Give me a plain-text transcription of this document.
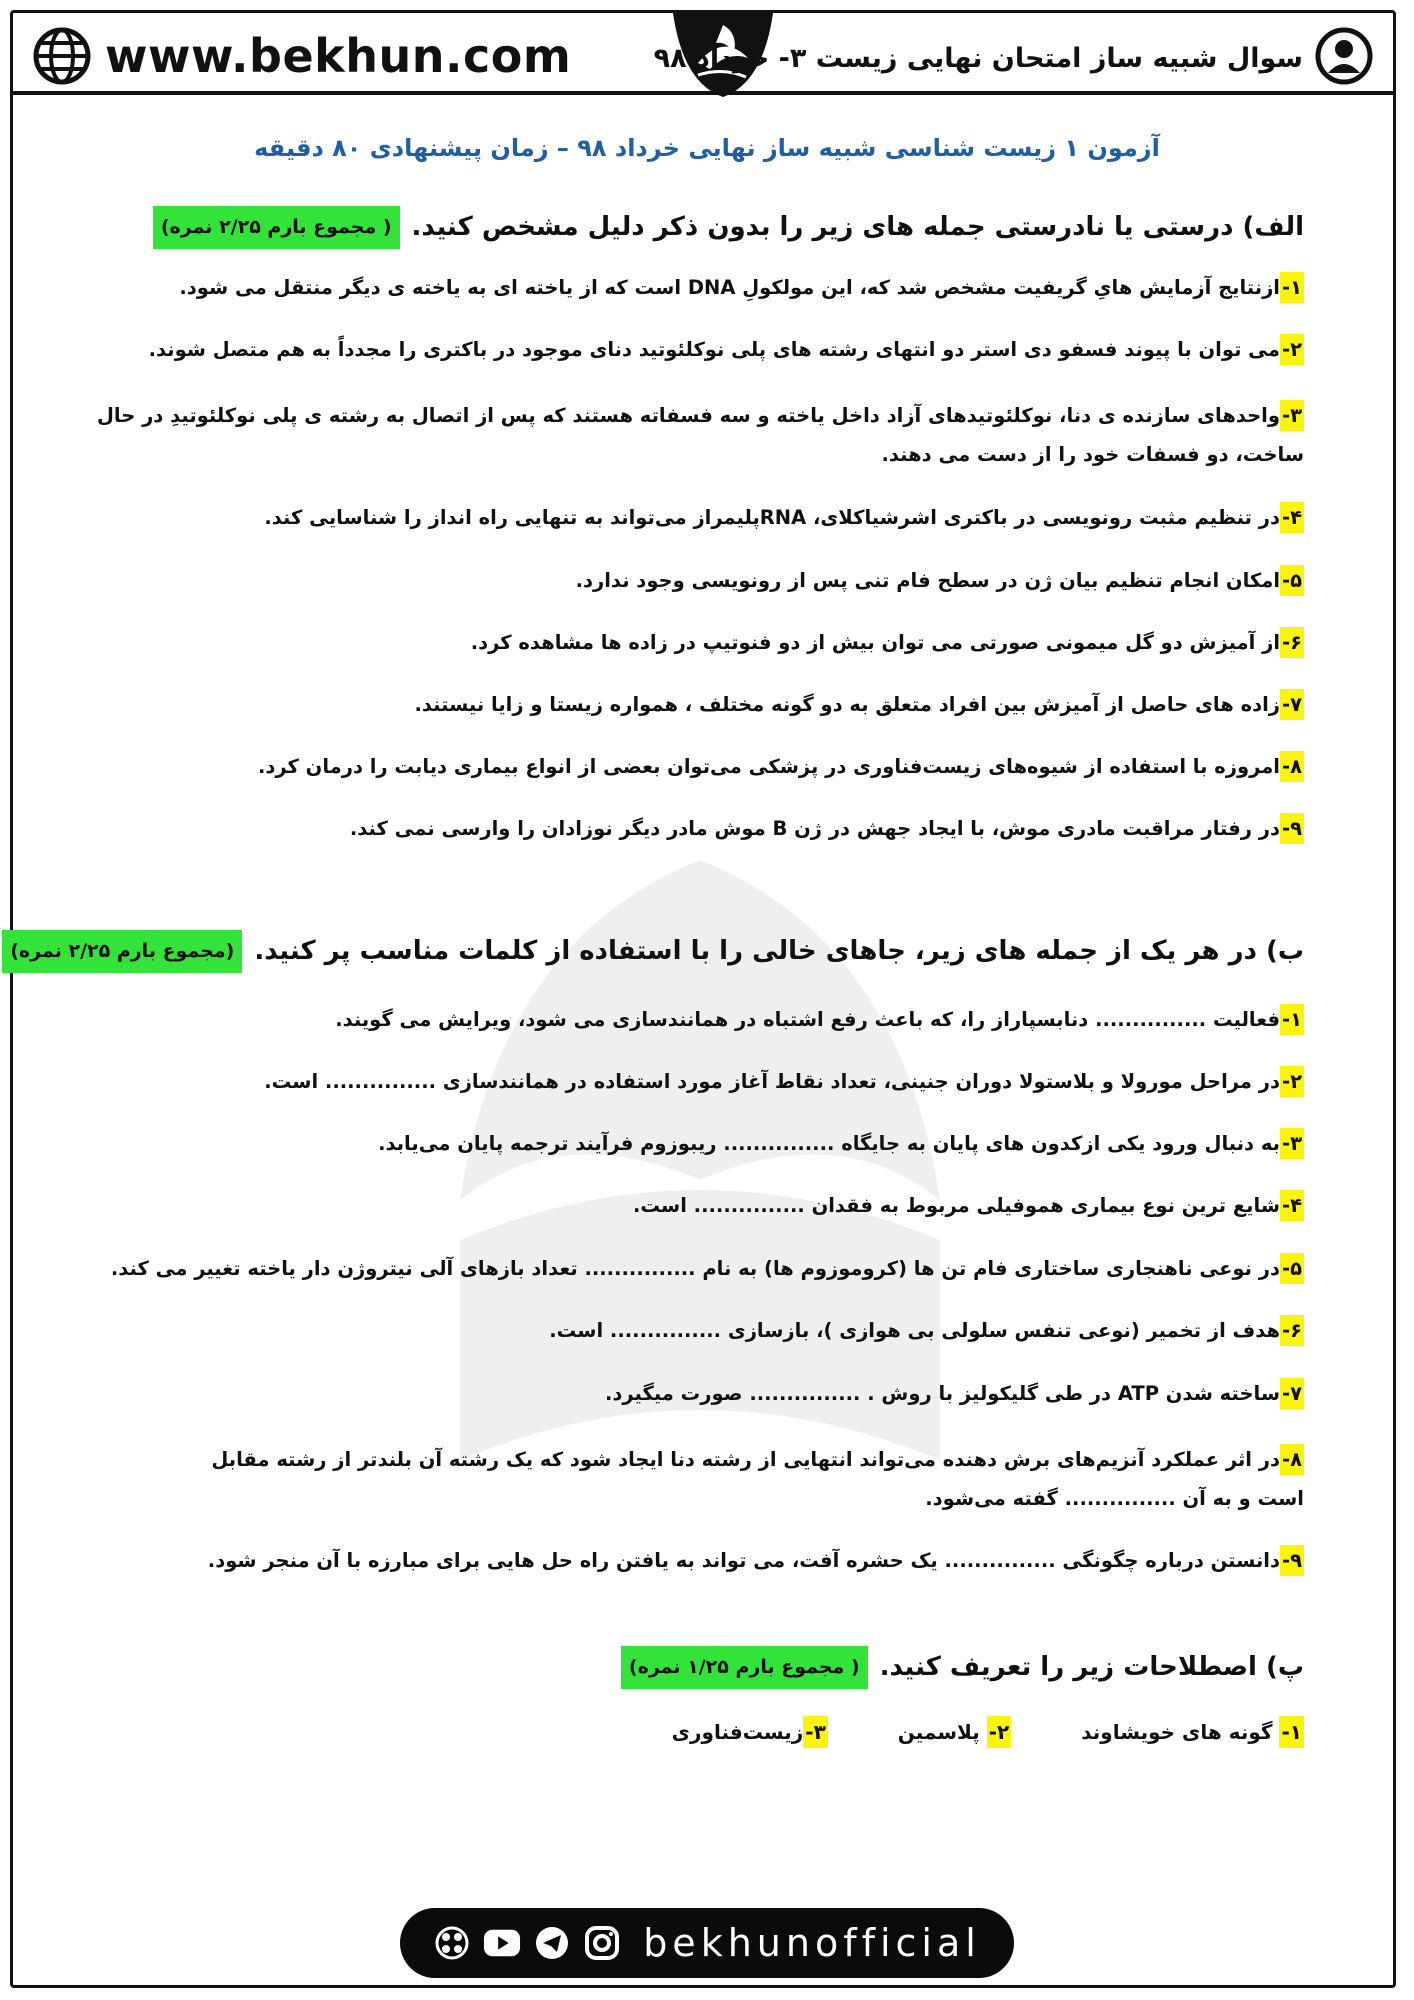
www.bekhun.com	سوال شبیه ساز امتحان نهایی زیست ۳- خرداد ۹۸
آزمون ۱ زیست شناسی شبیه ساز نهایی خرداد ۹۸ – زمان پیشنهادی ۸۰ دقیقه
الف) درستی یا نادرستی جمله های زیر را بدون ذکر دلیل مشخص کنید.
( مجموع بارم ۲/۲۵ نمره)
۱-ازنتایج آزمایش هایِ گریفیت مشخص شد که، این مولکولِ DNA است که از یاخته ای به یاخته ی دیگر منتقل می شود.
۲-می توان با پیوند فسفو دی استر دو انتهای رشته های پلی نوکلئوتید دنای موجود در باکتری را مجدداً به هم متصل شوند.
۳-واحدهای سازنده ی دنا، نوکلئوتیدهای آزاد داخل یاخته و سه فسفاته هستند که پس از اتصال به رشته ی پلی نوکلئوتیدِ در حال ساخت، دو فسفات خود را از دست می دهند.
۴-در تنظیم مثبت رونویسی در باکتری اشرشیاکلای، RNAپلیمراز می‌تواند به تنهایی راه انداز را شناسایی کند.
۵-امکان انجام تنظیم بیان ژن در سطح فام تنی پس از رونویسی وجود ندارد.
۶-از آمیزش دو گل میمونی صورتی می توان بیش از دو فنوتیپ در زاده ها مشاهده کرد.
۷-زاده های حاصل از آمیزش بین افراد متعلق به دو گونه مختلف ، همواره زیستا و زایا نیستند.
۸-امروزه با استفاده از شیوه‌های زیست‌فناوری در پزشکی می‌توان بعضی از انواع بیماری دیابت را درمان کرد.
۹-در رفتار مراقبت مادری موش، با ایجاد جهش در ژن B موش مادر دیگر نوزادان را وارسی نمی کند.
ب) در هر یک از جمله های زیر، جاهای خالی را با استفاده از کلمات مناسب پر کنید.
(مجموع بارم ۲/۲۵ نمره)
۱-فعالیت ............... دنابسپاراز را، که باعث رفع اشتباه در همانندسازی می شود، ویرایش می گویند.
۲-در مراحل مورولا و بلاستولا دوران جنینی، تعداد نقاط آغاز مورد استفاده در همانندسازی ............... است.
۳-به دنبال ورود یکی ازکدون های پایان به جایگاه ............... ریبوزوم فرآیند ترجمه پایان می‌یابد.
۴-شایع ترین نوع بیماری هموفیلی مربوط به فقدان ............... است.
۵-در نوعی ناهنجاری ساختاری فام تن ها (کروموزوم ها) به نام ............... تعداد بازهای آلی نیتروژن دار یاخته تغییر می کند.
۶-هدف از تخمیر (نوعی تنفس سلولی بی هوازی )، بازسازی ............... است.
۷-ساخته شدن ATP در طی گلیکولیز با روش . ............... صورت میگیرد.
۸-در اثر عملکرد آنزیم‌های برش دهنده می‌تواند انتهایی از رشته دنا ایجاد شود که یک رشته آن بلندتر از رشته مقابل است و به آن ............... گفته می‌شود.
۹-دانستن درباره چگونگی ............... یک حشره آفت، می تواند به یافتن راه حل هایی برای مبارزه با آن منجر شود.
پ) اصطلاحات زیر را تعریف کنید.
( مجموع بارم ۱/۲۵ نمره)
۱- گونه های خویشاوند
۲- پلاسمین
۳-زیست‌فناوری
bekhunofficial
